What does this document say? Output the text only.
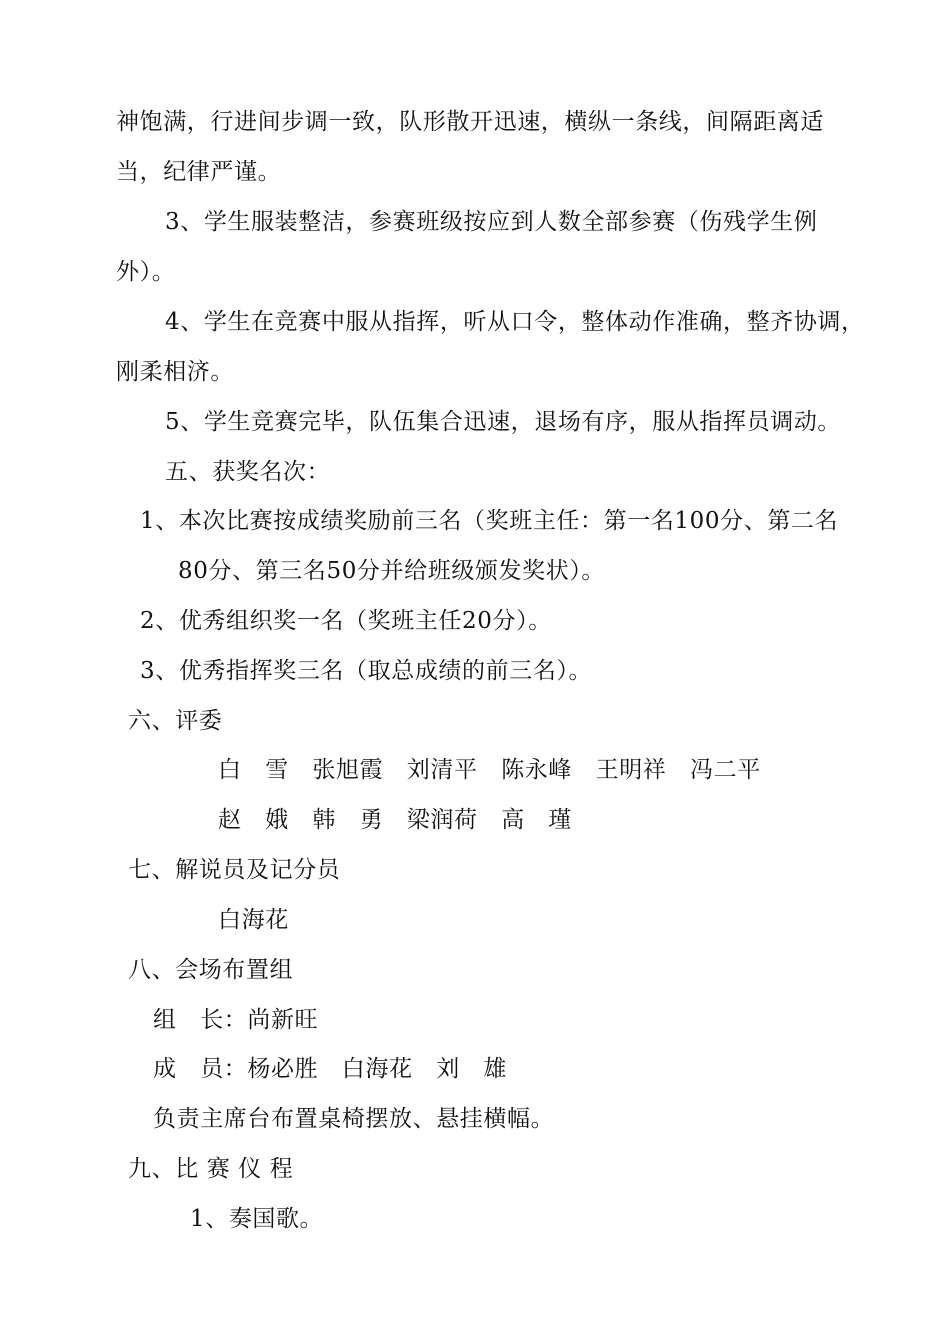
神饱满，行进间步调一致，队形散开迅速，横纵一条线，间隔距离适
当，纪律严谨。
3、学生服装整洁，参赛班级按应到人数全部参赛（伤残学生例
外）。
4、学生在竞赛中服从指挥，听从口令，整体动作准确，整齐协调，
刚柔相济。
5、学生竞赛完毕，队伍集合迅速，退场有序，服从指挥员调动。
五、获奖名次：
1、本次比赛按成绩奖励前三名（奖班主任：第一名100分、第二名
80分、第三名50分并给班级颁发奖状）。
2、优秀组织奖一名（奖班主任20分）。
3、优秀指挥奖三名（取总成绩的前三名）。
六、评委
白　雪　张旭霞　刘清平　陈永峰　王明祥　冯二平
赵　娥　韩　勇　梁润荷　高　瑾
七、解说员及记分员
白海花
八、会场布置组
组　长：尚新旺
成　员：杨必胜　白海花　刘　雄
负责主席台布置桌椅摆放、悬挂横幅。
九、比 赛 仪 程
1、奏国歌。
